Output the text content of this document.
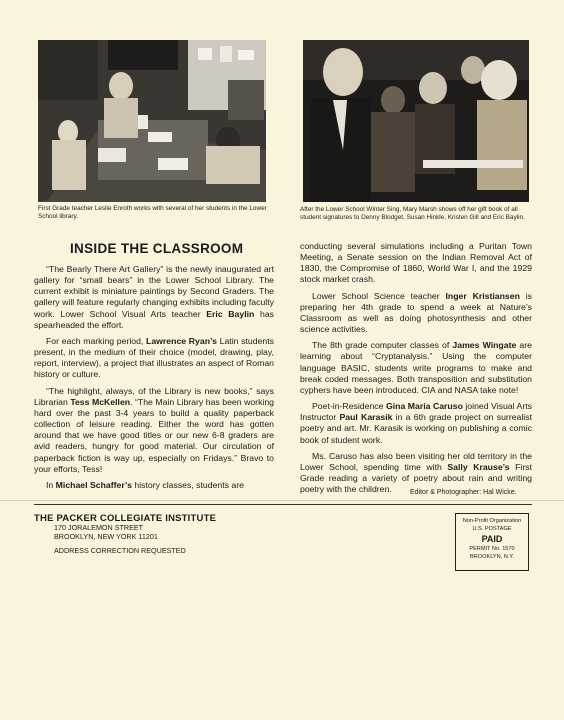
First Grade teacher Leslie Enroth works with several of her students in the Lower School library.
After the Lower School Winter Sing, Mary Marsh shows off her gift book of all student signatures to Denny Blodget, Susan Hinkle, Kristen Gill and Eric Baylin.
INSIDE THE CLASSROOM

“The Bearly There Art Gallery” is the newly inaugurated art gallery for “small bears” in the Lower School Library. The current exhibit is miniature paintings by Second Graders. The gallery will feature regularly changing exhibits including faculty work. Lower School Visual Arts teacher Eric Baylin has spearheaded the effort.

For each marking period, Lawrence Ryan’s Latin students present, in the medium of their choice (model, drawing, play, report, interview), a project that illustrates an aspect of Roman history or culture.

“The highlight, always, of the Library is new books,” says Librarian Tess McKellen. “The Main Library has been working hard over the past 3-4 years to build a quality paperback collection of leisure reading. Either the word has gotten around that we have good titles or our new 6-8 graders are avid readers, hungry for good material. Our circulation of paperback fiction is way up, especially on Fridays.” Bravo to your efforts, Tess!

In Michael Schaffer’s history classes, students are

conducting several simulations including a Puritan Town Meeting, a Senate session on the Indian Removal Act of 1830, the Compromise of 1860, World War I, and the 1929 stock market crash.

Lower School Science teacher Inger Kristiansen is preparing her 4th grade to spend a week at Nature’s Classroom as well as doing photosynthesis and other science activities.

The 8th grade computer classes of James Wingate are learning about “Cryptanalysis.” Using the computer language BASIC, students write programs to make and break coded messages. Both transposition and substitution cyphers have been introduced. CIA and NASA take note!

Poet-in-Residence Gina Maria Caruso joined Visual Arts Instructor Paul Karasik in a 6th grade project on surrealist poetry and art. Mr. Karasik is working on publishing a comic book of student work.

Ms. Caruso has also been visiting her old territory in the Lower School, spending time with Sally Krause’s First Grade reading a variety of poetry about rain and writing poetry with the children.	Editor & Photographer: Hal Wicke.
THE PACKER COLLEGIATE INSTITUTE
170 JORALEMON STREET
BROOKLYN, NEW YORK 11201
ADDRESS CORRECTION REQUESTED
Non-Profit Organization
U.S. POSTAGE
PAID
PERMIT No. 1570
BROOKLYN, N.Y.
